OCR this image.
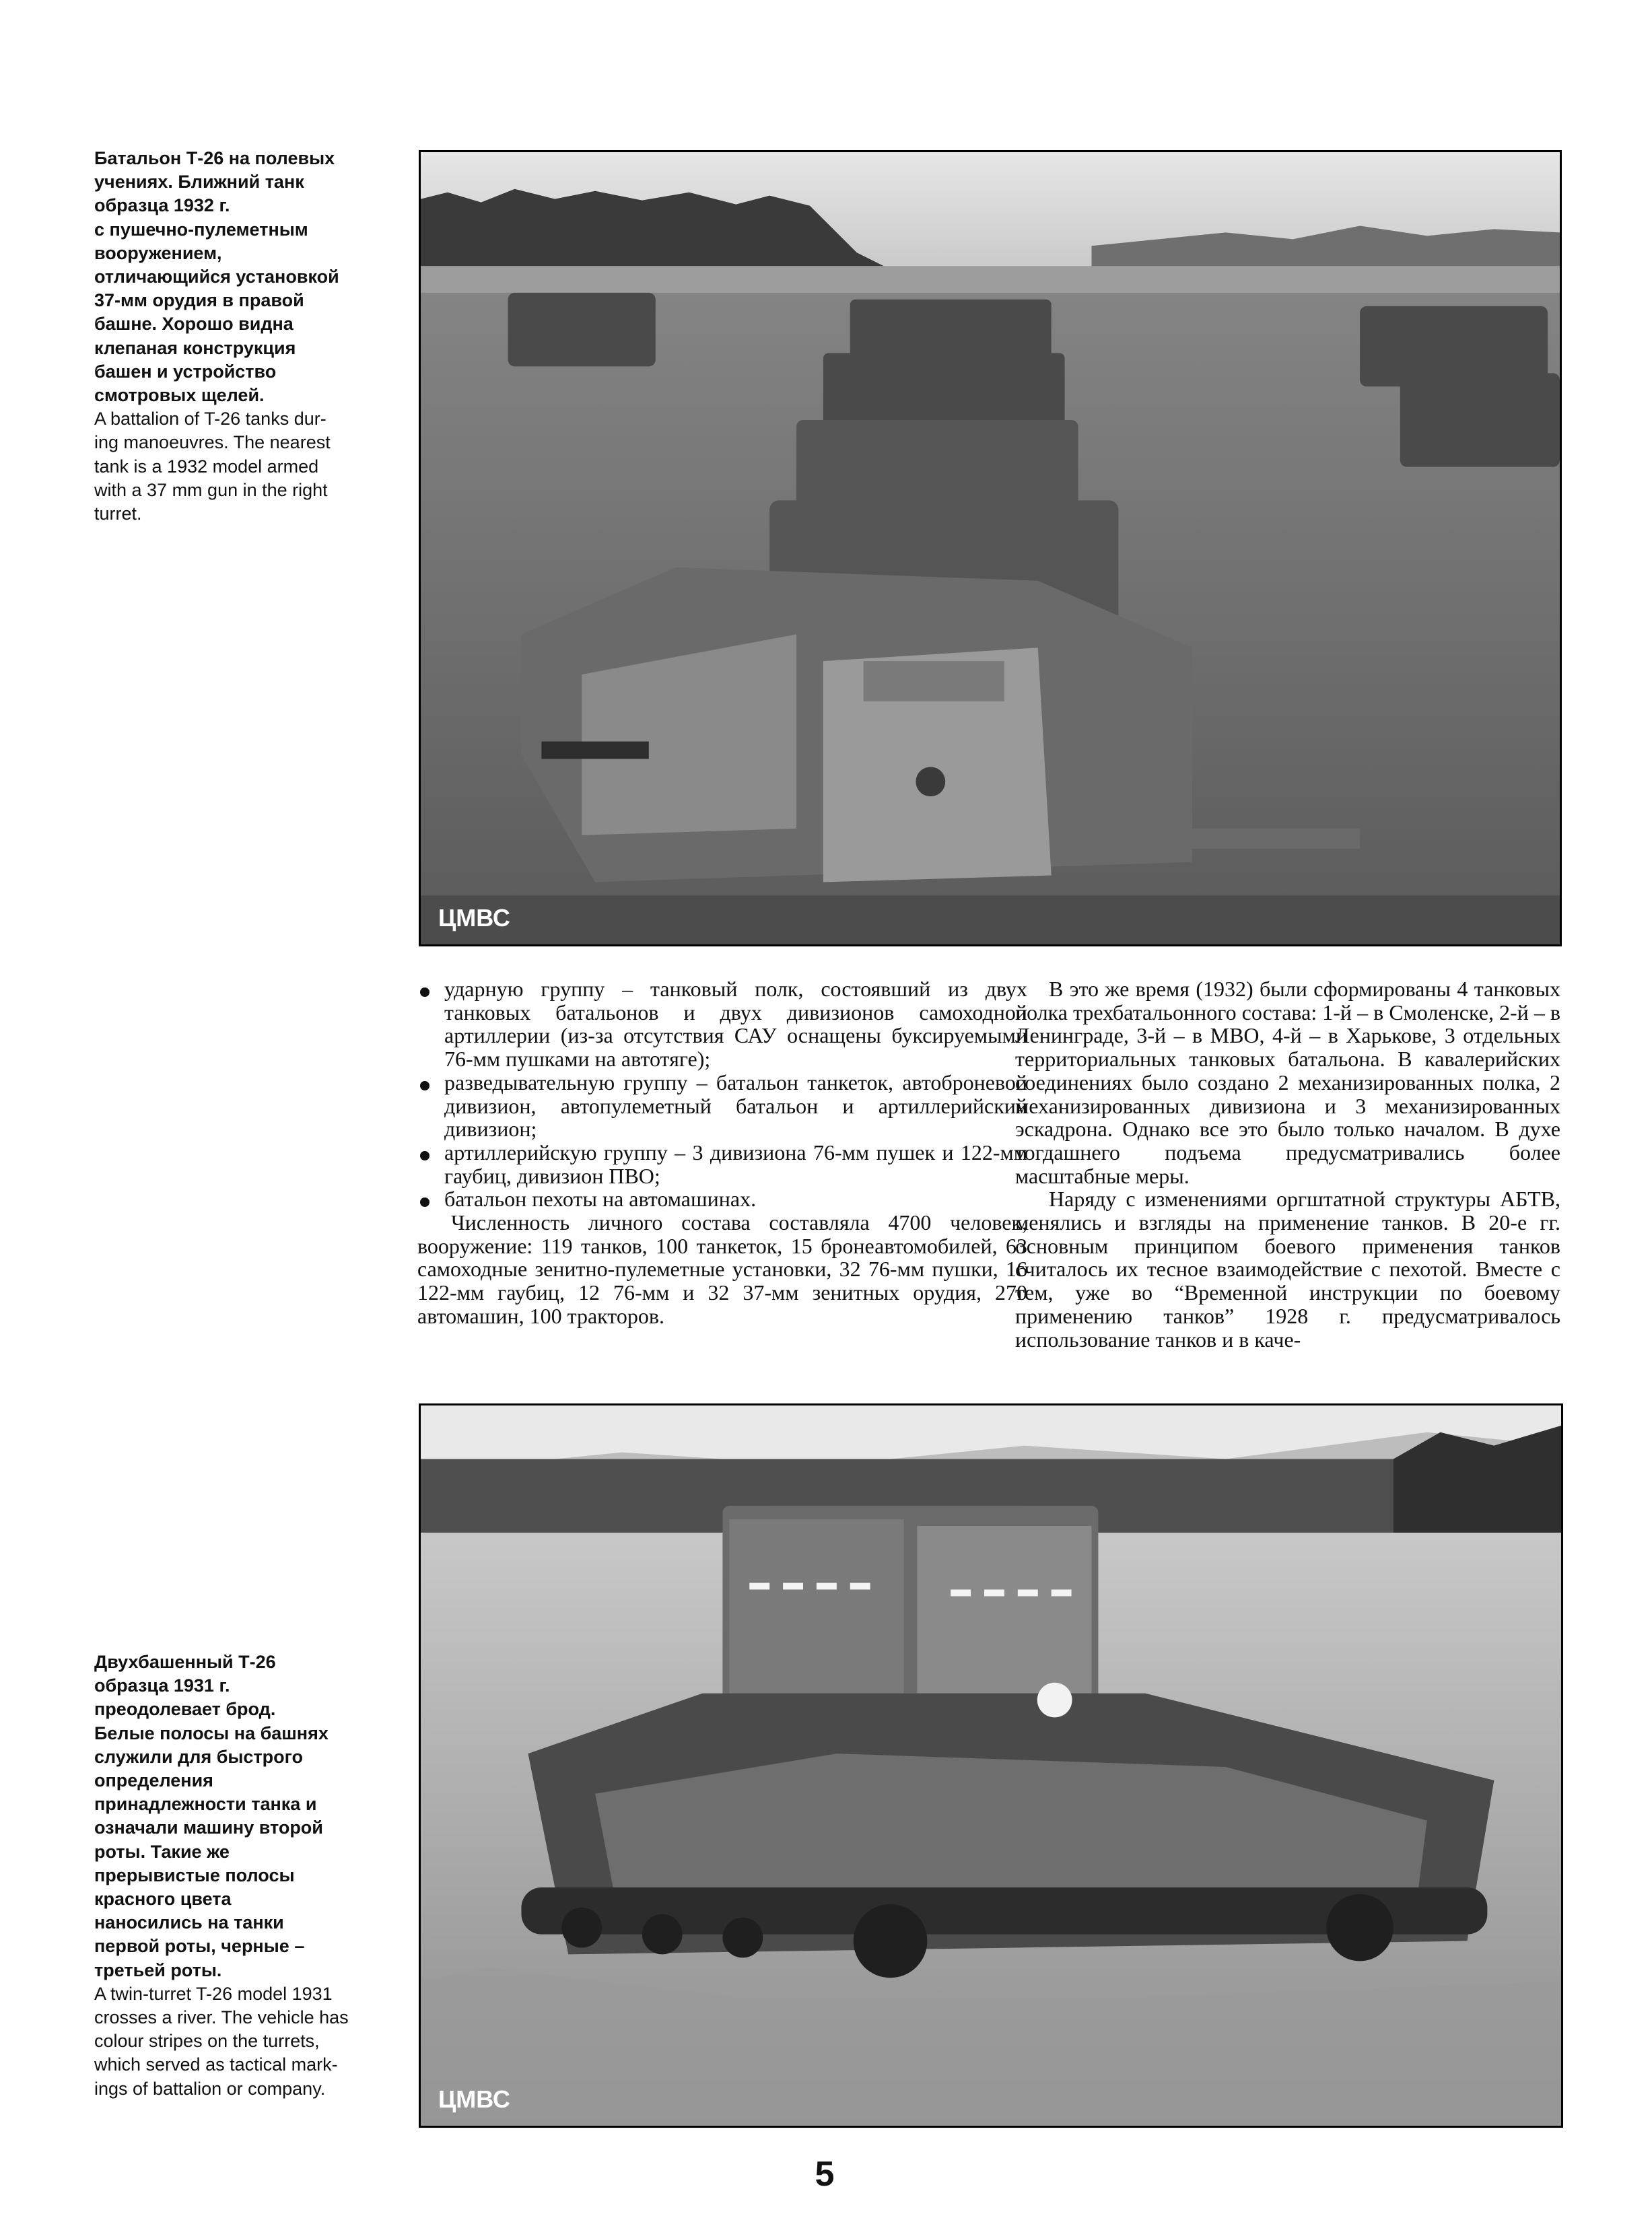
Батальон Т-26 на полевых
учениях. Ближний танк
образца 1932 г.
с пушечно-пулеметным
вооружением,
отличающийся установкой
37-мм орудия в правой
башне. Хорошо видна
клепаная конструкция
башен и устройство
смотровых щелей.

A battalion of T-26 tanks dur-
ing manoeuvres. The nearest
tank is a 1932 model armed
with a 37 mm gun in the right
turret.

ЦМВС
ударную группу – танковый полк, состоявший из двух танковых батальонов и двух дивизионов самоходной артиллерии (из-за отсутствия САУ оснащены буксируемыми 76-мм пушками на автотяге);
разведывательную группу – батальон танкеток, автоброневой дивизион, автопулеметный батальон и артиллерийский дивизион;
артиллерийскую группу – 3 дивизиона 76-мм пушек и 122-мм гаубиц, дивизион ПВО;
батальон пехоты на автомашинах.

Численность личного состава составляла 4700 человек, вооружение: 119 танков, 100 танкеток, 15 бронеавтомобилей, 63 самоходные зенитно-пулеметные установки, 32 76-мм пушки, 16 122-мм гаубиц, 12 76-мм и 32 37-мм зенитных орудия, 270 автомашин, 100 тракторов.

В это же время (1932) были сформированы 4 танковых полка трехбатальонного состава: 1-й – в Смоленске, 2-й – в Ленинграде, 3-й – в МВО, 4-й – в Харькове, 3 отдельных территориальных танковых батальона. В кавалерийских соединениях было создано 2 механизированных полка, 2 механизированных дивизиона и 3 механизированных эскадрона. Однако все это было только началом. В духе тогдашнего подъема предусматривались более масштабные меры.

Наряду с изменениями оргштатной структуры АБТВ, менялись и взгляды на применение танков. В 20-е гг. основным принципом боевого применения танков считалось их тесное взаимодействие с пехотой. Вместе с тем, уже во “Временной инструкции по боевому применению танков” 1928 г. предусматривалось использование танков и в каче-

Двухбашенный Т-26
образца 1931 г.
преодолевает брод.
Белые полосы на башнях
служили для быстрого
определения
принадлежности танка и
означали машину второй
роты. Такие же
прерывистые полосы
красного цвета
наносились на танки
первой роты, черные –
третьей роты.

A twin-turret T-26 model 1931
crosses a river. The vehicle has
colour stripes on the turrets,
which served as tactical mark-
ings of battalion or company.	ЦМВС
5
